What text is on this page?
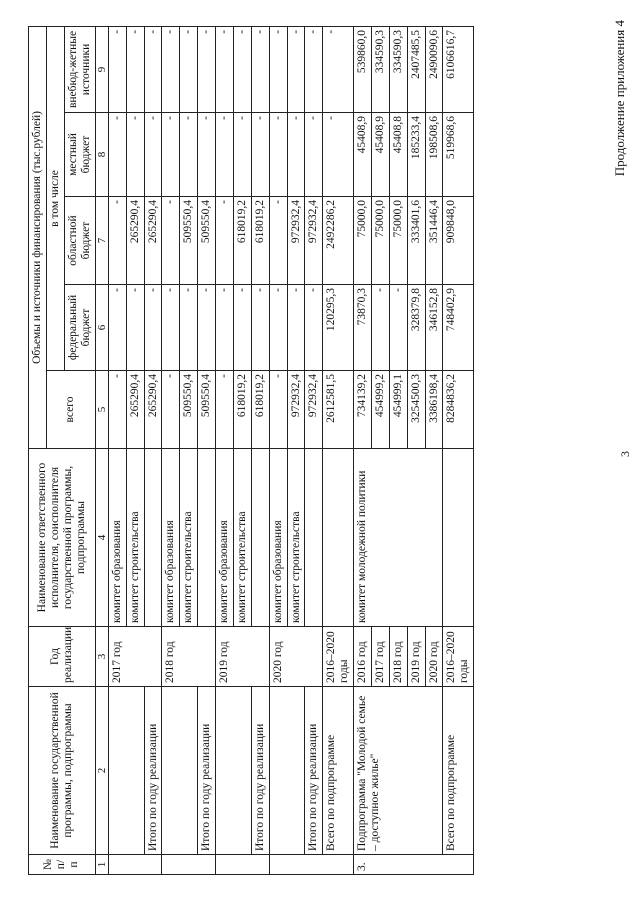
3
Продолжение приложения 4
№ п/п	Наименование государственной программы, подпрограммы	Год реализации	Наименование ответственного исполнителя, соисполнителя государственной программы, подпрограммы	Объемы и источники финансирования (тыс.рублей)				
				всего	в том числе			
					федеральный бюджет	областной бюджет	местный бюджет	внебюд-жетные источники
1	2	3	4	5	6	7	8	9
		2017 год	комитет образования	-	-	-	-	-
			комитет строительства	265290,4	-	265290,4	-	-
	Итого по году реализации			265290,4	-	265290,4	-	-
		2018 год	комитет образования	-	-	-	-	-
			комитет строительства	509550,4	-	509550,4	-	-
	Итого по году реализации			509550,4	-	509550,4	-	-
		2019 год	комитет образования	-	-	-	-	-
			комитет строительства	618019,2	-	618019,2	-	-
	Итого по году реализации			618019,2	-	618019,2	-	-
		2020 год	комитет образования	-	-	-	-	-
			комитет строительства	972932,4	-	972932,4	-	-
	Итого по году реализации			972932,4	-	972932,4	-	-
	Всего по подпрограмме	2016–2020 годы		2612581,5	120295,3	2492286,2	-	-
3.	Подпрограмма "Молодой семье – доступное жилье"	2016 год	комитет молодежной политики	734139,2	73870,3	75000,0	45408,9	539860,0
		2017 год		454999,2	-	75000,0	45408,9	334590,3
		2018 год		454999,1	-	75000,0	45408,8	334590,3
		2019 год		3254500,3	328379,8	333401,6	185233,4	2407485,5
		2020 год		3386198,4	346152,8	351446,4	198508,6	2490090,6
	Всего по подпрограмме	2016–2020 годы		8284836,2	748402,9	909848,0	519968,6	6106616,7
